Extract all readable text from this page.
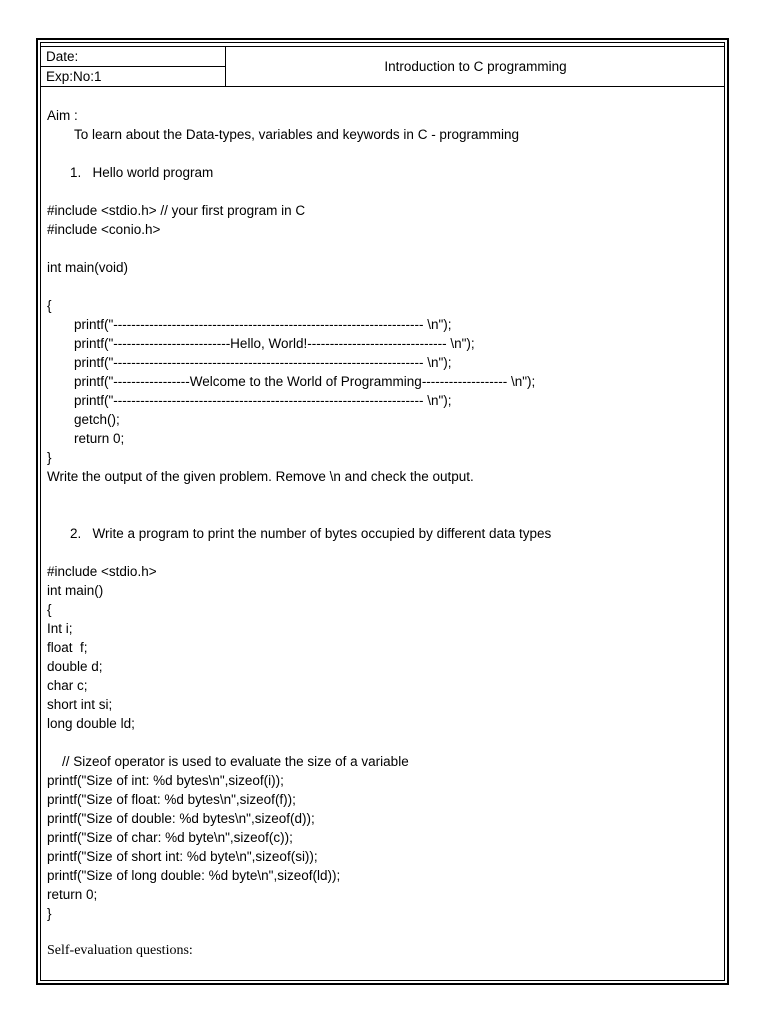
Date:
Exp:No:1
Introduction to C programming
Aim :
To learn about the Data-types, variables and keywords in C - programming
1.   Hello world program
#include <stdio.h> // your first program in C
#include <conio.h>
int main(void)
{
printf("--------------------------------------------------------------------- \n");
printf("--------------------------Hello, World!------------------------------- \n");
printf("--------------------------------------------------------------------- \n");
printf("-----------------Welcome to the World of Programming------------------- \n");
printf("--------------------------------------------------------------------- \n");
getch();
return 0;
}
Write the output of the given problem. Remove \n and check the output.
2.   Write a program to print the number of bytes occupied by different data types
#include <stdio.h>
int main()
{
Int i;
float  f;
double d;
char c;
short int si;
long double ld;
// Sizeof operator is used to evaluate the size of a variable
printf("Size of int: %d bytes\n",sizeof(i));
printf("Size of float: %d bytes\n",sizeof(f));
printf("Size of double: %d bytes\n",sizeof(d));
printf("Size of char: %d byte\n",sizeof(c));
printf("Size of short int: %d byte\n",sizeof(si));
printf("Size of long double: %d byte\n",sizeof(ld));
return 0;
}
Self-evaluation questions:
